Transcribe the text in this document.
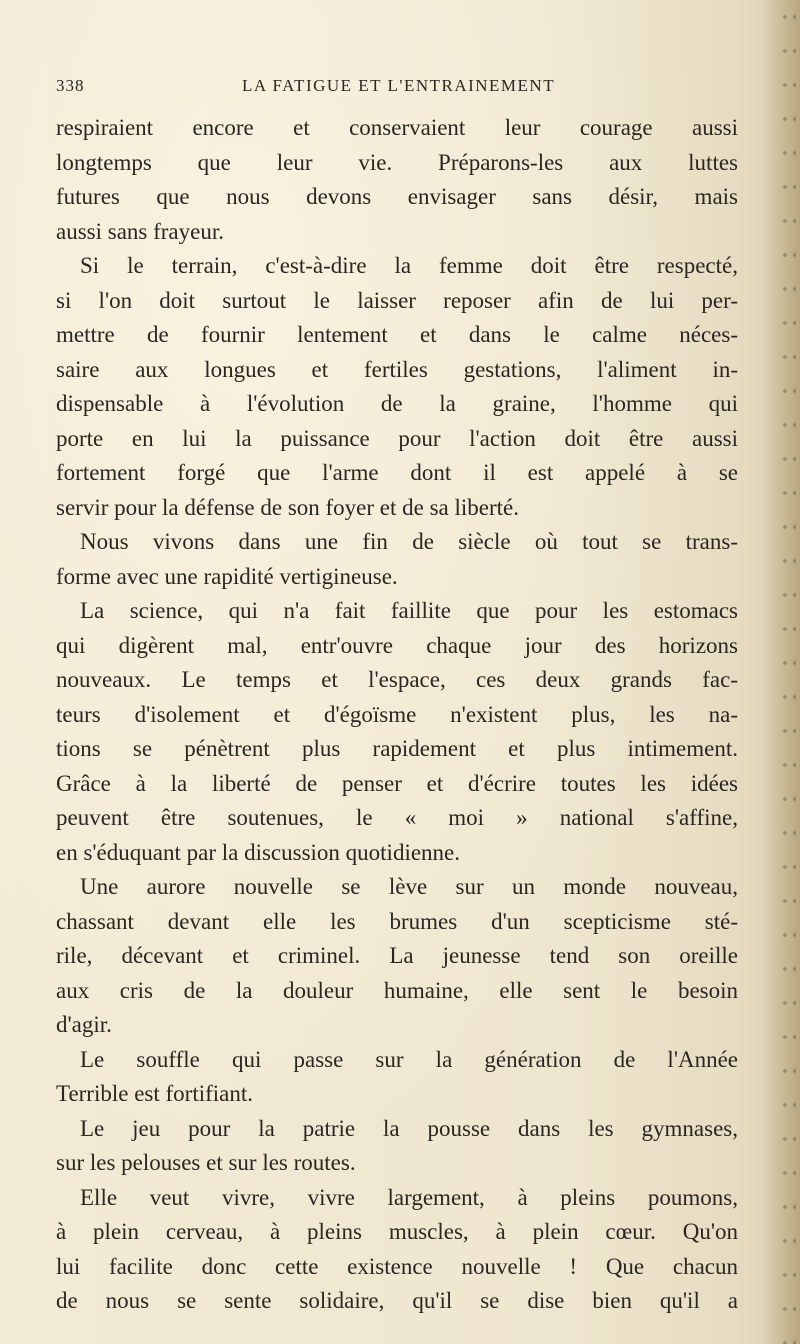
338	LA FATIGUE ET L'ENTRAINEMENT
respiraient encore et conservaient leur courage aussi
longtemps que leur vie. Préparons-les aux luttes
futures que nous devons envisager sans désir, mais
aussi sans frayeur.
Si le terrain, c'est-à-dire la femme doit être respecté,
si l'on doit surtout le laisser reposer afin de lui per-
mettre de fournir lentement et dans le calme néces-
saire aux longues et fertiles gestations, l'aliment in-
dispensable à l'évolution de la graine, l'homme qui
porte en lui la puissance pour l'action doit être aussi
fortement forgé que l'arme dont il est appelé à se
servir pour la défense de son foyer et de sa liberté.
Nous vivons dans une fin de siècle où tout se trans-
forme avec une rapidité vertigineuse.
La science, qui n'a fait faillite que pour les estomacs
qui digèrent mal, entr'ouvre chaque jour des horizons
nouveaux. Le temps et l'espace, ces deux grands fac-
teurs d'isolement et d'égoïsme n'existent plus, les na-
tions se pénètrent plus rapidement et plus intimement.
Grâce à la liberté de penser et d'écrire toutes les idées
peuvent être soutenues, le « moi » national s'affine,
en s'éduquant par la discussion quotidienne.
Une aurore nouvelle se lève sur un monde nouveau,
chassant devant elle les brumes d'un scepticisme sté-
rile, décevant et criminel. La jeunesse tend son oreille
aux cris de la douleur humaine, elle sent le besoin
d'agir.
Le souffle qui passe sur la génération de l'Année
Terrible est fortifiant.
Le jeu pour la patrie la pousse dans les gymnases,
sur les pelouses et sur les routes.
Elle veut vivre, vivre largement, à pleins poumons,
à plein cerveau, à pleins muscles, à plein cœur. Qu'on
lui facilite donc cette existence nouvelle ! Que chacun
de nous se sente solidaire, qu'il se dise bien qu'il a
